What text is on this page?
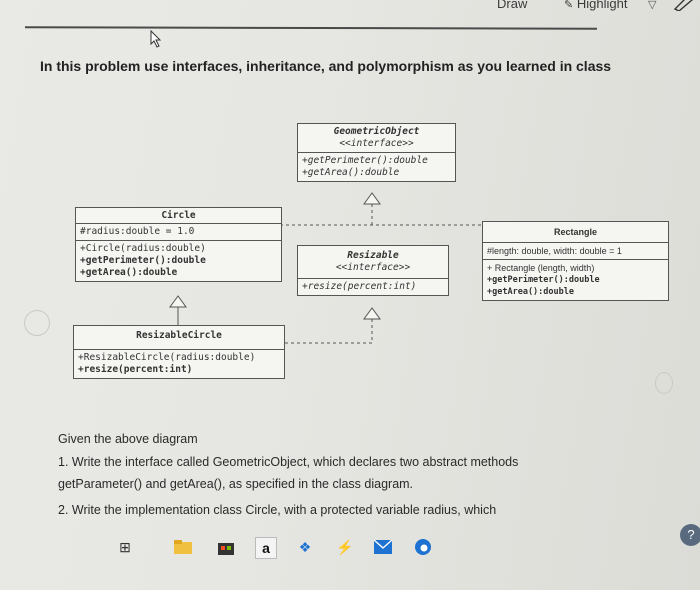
Draw	✎ Highlight ▽
In this problem use interfaces, inheritance, and polymorphism as you learned in class
GeometricObject
<<interface>>
+getPerimeter():double
+getArea():double
Circle
#radius:double = 1.0
+Circle(radius:double)
+getPerimeter():double
+getArea():double
Resizable
<<interface>>
+resize(percent:int)
Rectangle
#length: double, width: double = 1
+ Rectangle (length, width)
+getPerimeter():double
+getArea():double
ResizableCircle
+ResizableCircle(radius:double)
+resize(percent:int)
Given the above diagram
1. Write the interface called GeometricObject, which declares two abstract methods
getParameter() and getArea(), as specified in the class diagram.
2. Write the implementation class Circle, with a protected variable radius, which
⊞	a	❖ ⚡
?
